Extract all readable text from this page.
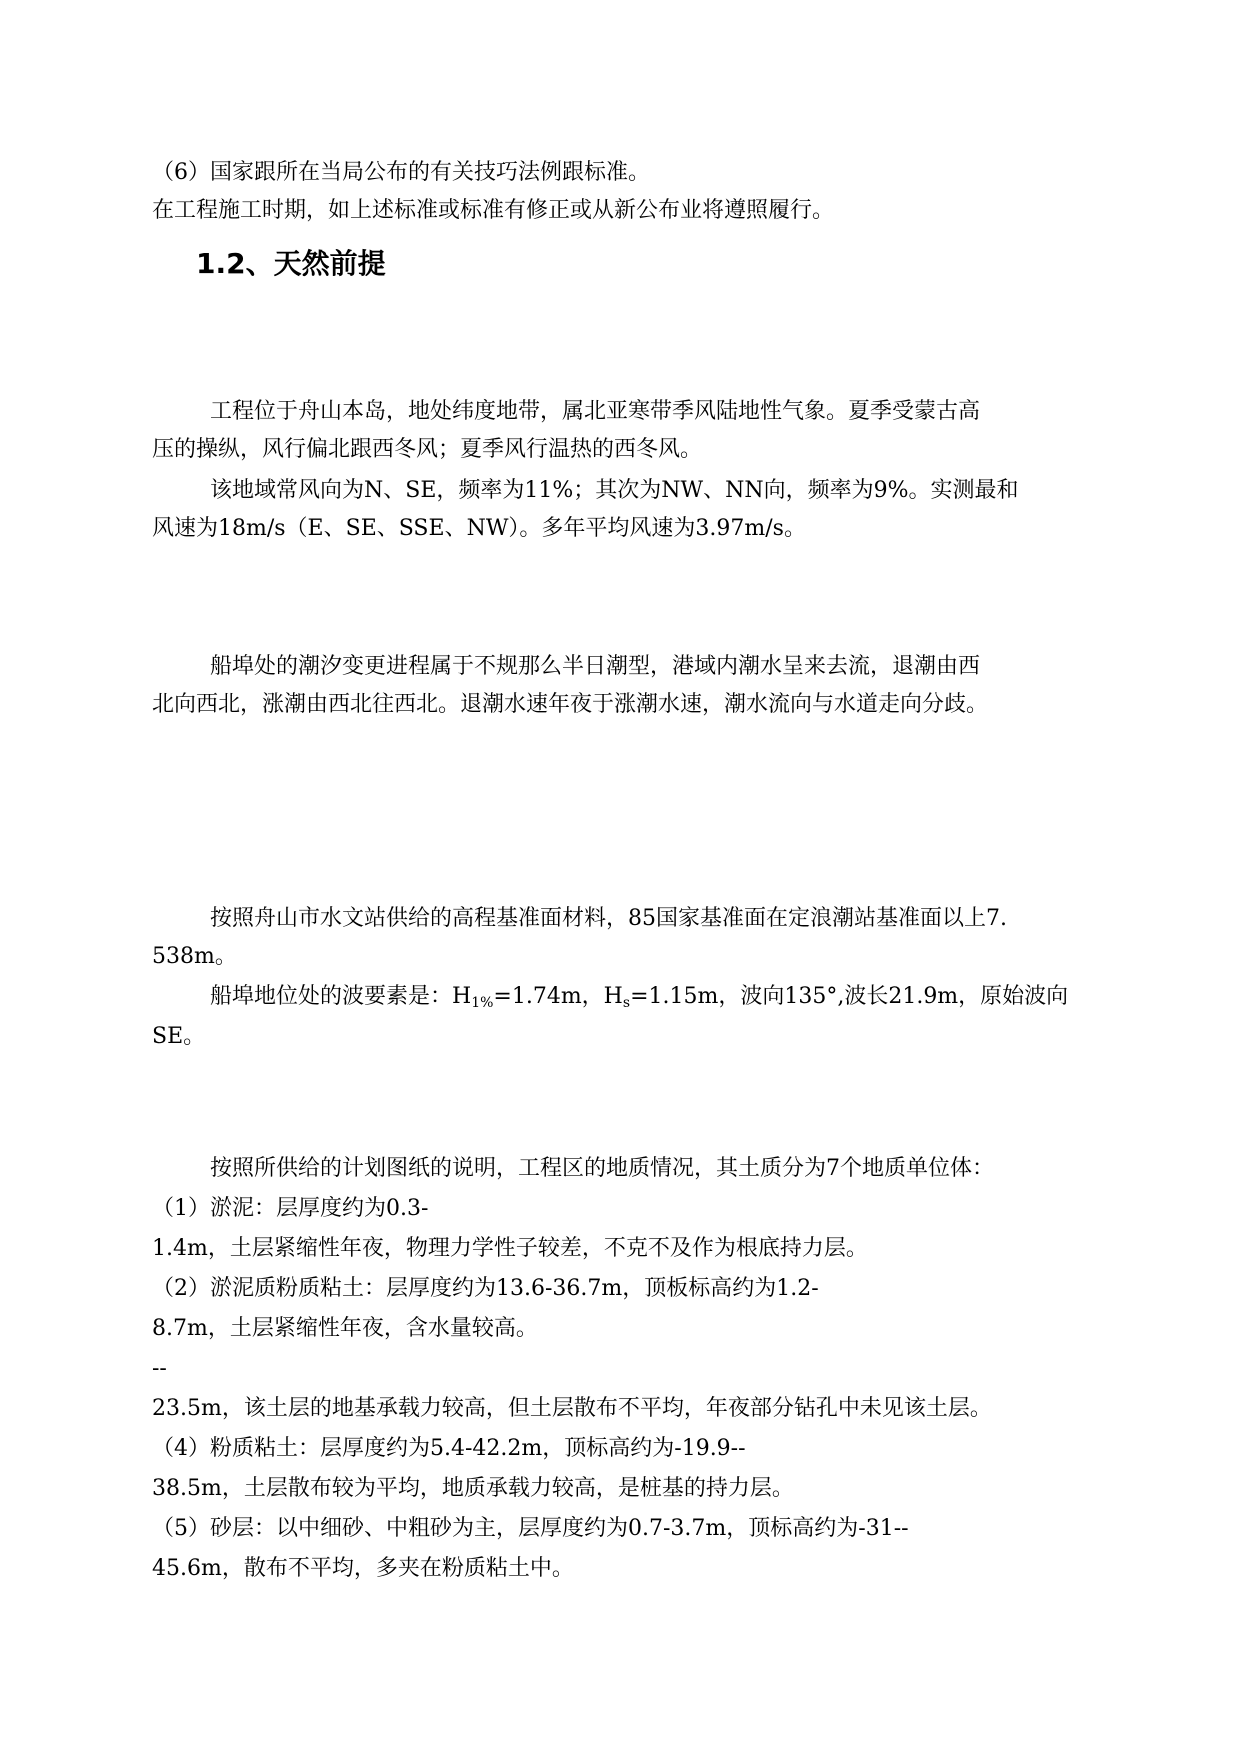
（6）国家跟所在当局公布的有关技巧法例跟标准。
在工程施工时期，如上述标准或标准有修正或从新公布业将遵照履行。
1.2、天然前提
工程位于舟山本岛，地处纬度地带，属北亚寒带季风陆地性气象。夏季受蒙古高
压的操纵，风行偏北跟西冬风；夏季风行温热的西冬风。
该地域常风向为N、SE，频率为11%；其次为NW、NN向，频率为9%。实测最和
风速为18m/s（E、SE、SSE、NW）。多年平均风速为3.97m/s。
船埠处的潮汐变更进程属于不规那么半日潮型，港域内潮水呈来去流，退潮由西
北向西北，涨潮由西北往西北。退潮水速年夜于涨潮水速，潮水流向与水道走向分歧。
按照舟山市水文站供给的高程基准面材料，85国家基准面在定浪潮站基准面以上7.
538m。
船埠地位处的波要素是：$H_{1\%}=1.74m$，$H_s=1.15m$，波向135°,波长21.9m，原始波向
SE。
按照所供给的计划图纸的说明，工程区的地质情况，其土质分为7个地质单位体：
（1）淤泥：层厚度约为0.3-
1.4m，土层紧缩性年夜，物理力学性子较差，不克不及作为根底持力层。
（2）淤泥质粉质粘土：层厚度约为13.6-36.7m，顶板标高约为1.2-
8.7m，土层紧缩性年夜，含水量较高。
--
23.5m，该土层的地基承载力较高，但土层散布不平均，年夜部分钻孔中未见该土层。
（4）粉质粘土：层厚度约为5.4-42.2m，顶标高约为-19.9--
38.5m，土层散布较为平均，地质承载力较高，是桩基的持力层。
（5）砂层：以中细砂、中粗砂为主，层厚度约为0.7-3.7m，顶标高约为-31--
45.6m，散布不平均，多夹在粉质粘土中。
